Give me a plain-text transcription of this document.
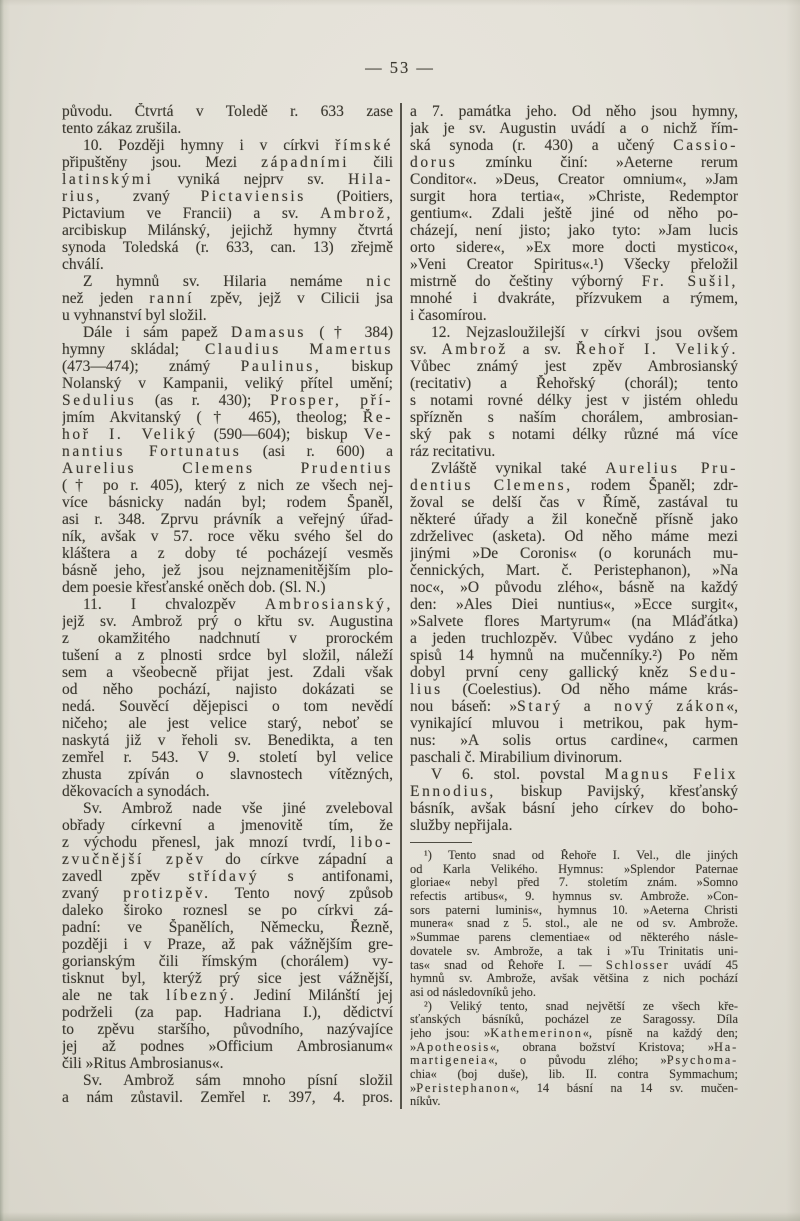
— 53 —
původu. Čtvrtá v Toledě r. 633 zase
tento zákaz zrušila.
10. Později hymny i v církvi římské
připuštěny jsou. Mezi západními čili
latinskými vyniká nejprv sv. Hila-
rius, zvaný Pictaviensis (Poitiers,
Pictavium ve Francii) a sv. Ambrož,
arcibiskup Milánský, jejichž hymny čtvrtá
synoda Toledská (r. 633, can. 13) zřejmě
chválí.
Z hymnů sv. Hilaria nemáme nic
než jeden ranní zpěv, jejž v Cilicii jsa
u vyhnanství byl složil.
Dále i sám papež Damasus († 384)
hymny skládal; Claudius Mamertus
(473—474); známý Paulinus, biskup
Nolanský v Kampanii, veliký přítel umění;
Sedulius (as r. 430); Prosper, pří-
jmím Akvitanský († 465), theolog; Ře-
hoř I. Veliký (590—604); biskup Ve-
nantius Fortunatus (asi r. 600) a
Aurelius Clemens Prudentius
(† po r. 405), který z nich ze všech nej-
více básnicky nadán byl; rodem Španěl,
asi r. 348. Zprvu právník a veřejný úřad-
ník, avšak v 57. roce věku svého šel do
kláštera a z doby té pocházejí vesměs
básně jeho, jež jsou nejznamenitějším plo-
dem poesie křesťanské oněch dob. (Sl. N.)
11. I chvalozpěv Ambrosianský,
jejž sv. Ambrož prý o křtu sv. Augustina
z okamžitého nadchnutí v prorockém
tušení a z plnosti srdce byl složil, náleží
sem a všeobecně přijat jest. Zdali však
od něho pochází, najisto dokázati se
nedá. Souvěcí dějepisci o tom nevědí
ničeho; ale jest velice starý, neboť se
naskytá již v řeholi sv. Benedikta, a ten
zemřel r. 543. V 9. století byl velice
zhusta zpíván o slavnostech vítězných,
děkovacích a synodách.
Sv. Ambrož nade vše jiné zveleboval
obřady církevní a jmenovitě tím, že
z východu přenesl, jak mnozí tvrdí, libo-
zvučnější zpěv do církve západní a
zavedl zpěv střídavý s antifonami,
zvaný protizpěv. Tento nový způsob
daleko široko roznesl se po církvi zá-
padní: ve Španělích, Německu, Řezně,
později i v Praze, až pak vážnějším gre-
gorianským čili římským (chorálem) vy-
tisknut byl, kterýž prý sice jest vážnější,
ale ne tak líbezný. Jediní Milánští jej
podrželi (za pap. Hadriana I.), dědictví
to zpěvu staršího, původního, nazývajíce
jej až podnes »Officium Ambrosianum«
čili »Ritus Ambrosianus«.
Sv. Ambrož sám mnoho písní složil
a nám zůstavil. Zemřel r. 397, 4. pros.
a 7. památka jeho. Od něho jsou hymny,
jak je sv. Augustin uvádí a o nichž řím-
ská synoda (r. 430) a učený Cassio-
dorus zmínku činí: »Aeterne rerum
Conditor«. »Deus, Creator omnium«, »Jam
surgit hora tertia«, »Christe, Redemptor
gentium«. Zdali ještě jiné od něho po-
cházejí, není jisto; jako tyto: »Jam lucis
orto sidere«, »Ex more docti mystico«,
»Veni Creator Spiritus«.¹) Všecky přeložil
mistrně do češtiny výborný Fr. Sušil,
mnohé i dvakráte, přízvukem a rýmem,
i časomírou.
12. Nejzasloužilejší v církvi jsou ovšem
sv. Ambrož a sv. Řehoř I. Veliký.
Vůbec známý jest zpěv Ambrosianský
(recitativ) a Řehořský (chorál); tento
s notami rovné délky jest v jistém ohledu
spřízněn s naším chorálem, ambrosian-
ský pak s notami délky různé má více
ráz recitativu.
Zvláště vynikal také Aurelius Pru-
dentius Clemens, rodem Španěl; zdr-
žoval se delší čas v Římě, zastával tu
některé úřady a žil konečně přísně jako
zdrželivec (asketa). Od něho máme mezi
jinými »De Coronis« (o korunách mu-
čennických, Mart. č. Peristephanon), »Na
noc«, »O původu zlého«, básně na každý
den: »Ales Diei nuntius«, »Ecce surgit«,
»Salvete flores Martyrum« (na Mláďátka)
a jeden truchlozpěv. Vůbec vydáno z jeho
spisů 14 hymnů na mučenníky.²) Po něm
dobyl první ceny gallický kněz Sedu-
lius (Coelestius). Od něho máme krás-
nou báseň: »Starý a nový zákon«,
vynikající mluvou i metrikou, pak hym-
nus: »A solis ortus cardine«, carmen
paschali č. Mirabilium divinorum.
V 6. stol. povstal Magnus Felix
Ennodius, biskup Pavijský, křesťanský
básník, avšak básní jeho církev do boho-
služby nepřijala.
¹) Tento snad od Řehoře I. Vel., dle jiných
od Karla Velikého. Hymnus: »Splendor Paternae
gloriae« nebyl před 7. stoletím znám. »Somno
refectis artibus«, 9. hymnus sv. Ambrože. »Con-
sors paterni luminis«, hymnus 10. »Aeterna Christi
munera« snad z 5. stol., ale ne od sv. Ambrože.
»Summae parens clementiae« od některého násle-
dovatele sv. Ambrože, a tak i »Tu Trinitatis uni-
tas« snad od Řehoře I. — Schlosser uvádí 45
hymnů sv. Ambrože, avšak většina z nich pochází
asi od následovníků jeho.
²) Veliký tento, snad největší ze všech kře-
sťanských básníků, pocházel ze Saragossy. Díla
jeho jsou: »Kathemerinon«, písně na každý den;
»Apotheosis«, obrana božství Kristova; »Ha-
martigeneia«, o původu zlého; »Psychoma-
chia« (boj duše), lib. II. contra Symmachum;
»Peristephanon«, 14 básní na 14 sv. mučen-
níkův.
